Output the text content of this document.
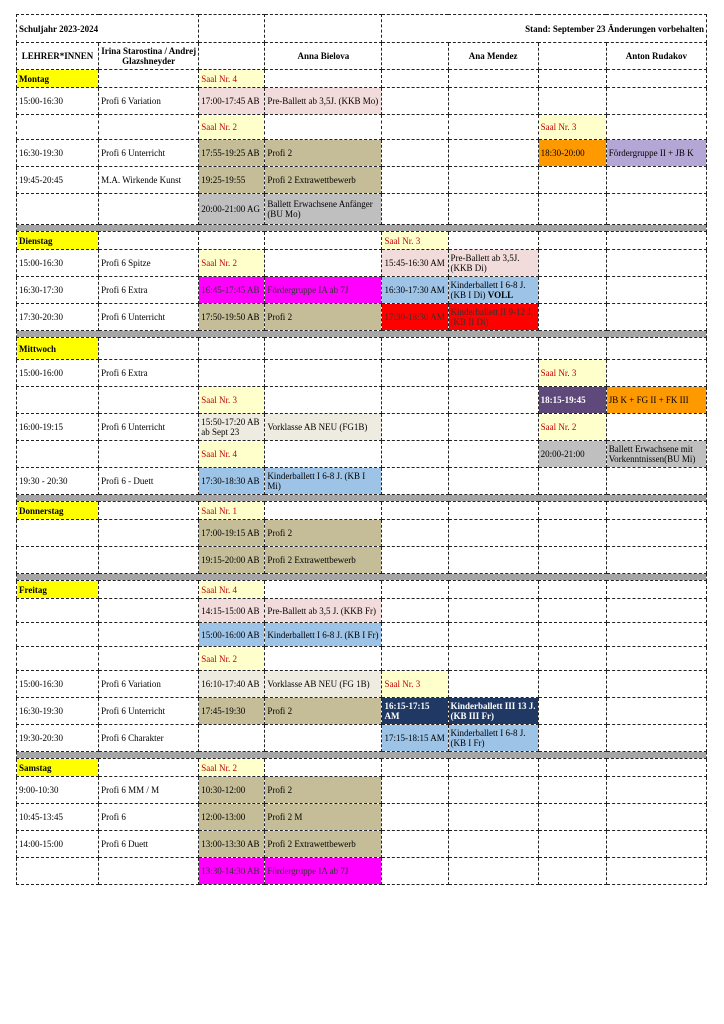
Schuljahr 2023-2024				Stand: September 23 Änderungen vorbehalten			
LEHRER*INNEN	Irina Starostina / Andrej Glazshneyder		Anna Bielova		Ana Mendez		Anton Rudakov
Montag		Saal Nr. 4					
15:00-16:30	Profi 6 Variation	17:00-17:45 AB	Pre-Ballett ab 3,5J. (KKB Mo)				
		Saal Nr. 2				Saal Nr. 3	
16:30-19:30	Profi 6 Unterricht	17:55-19:25 AB	Profi 2			18:30-20:00	Fördergruppe II + JB K
19:45-20:45	M.A. Wirkende Kunst	19:25-19:55	Profi 2 Extrawettbewerb				
		20:00-21:00 AG	Ballett Erwachsene Anfänger (BU Mo)				

Dienstag				Saal Nr. 3			
15:00-16:30	Profi 6 Spitze	Saal Nr. 2		15:45-16:30 AM	Pre-Ballett ab 3,5J. (KKB Di)		
16:30-17:30	Profi 6 Extra	16:45-17:45 AB	Fördergruppe IA ab 7J	16:30-17:30 AM	Kinderballett I 6-8 J. (KB I Di) VOLL		
17:30-20:30	Profi 6 Unterricht	17:50-19:50 AB	Profi 2	17:30-18:30 AM	Kinderballett II 9-12 J. (KB II Di)		

Mittwoch							
15:00-16:00	Profi 6 Extra					Saal Nr. 3	
		Saal Nr. 3				18:15-19:45	JB K + FG II + FK III
16:00-19:15	Profi 6 Unterricht	15:50-17:20 AB ab Sept 23	Vorklasse AB NEU (FG1B)			Saal Nr. 2	
		Saal Nr. 4				20:00-21:00	Ballett Erwachsene mit Vorkenntnissen(BU Mi)
19:30 - 20:30	Profi 6 - Duett	17:30-18:30 AB	Kinderballett I 6-8 J. (KB I Mi)				

Donnerstag		Saal Nr. 1					
		17:00-19:15 AB	Profi 2				
		19:15-20:00 AB	Profi 2 Extrawettbewerb				

Freitag		Saal Nr. 4					
		14:15-15:00 AB	Pre-Ballett ab 3,5 J. (KKB Fr)				
		15:00-16:00 AB	Kinderballett I 6-8 J. (KB I Fr)				
		Saal Nr. 2					
15:00-16:30	Profi 6 Variation	16:10-17:40 AB	Vorklasse AB NEU (FG 1B)	Saal Nr. 3			
16:30-19:30	Profi 6 Unterricht	17:45-19:30	Profi 2	16:15-17:15 AM	Kinderballett III 13 J. (KB III Fr)		
19:30-20:30	Profi 6 Charakter			17:15-18:15 AM	Kinderballett I 6-8 J. (KB I Fr)		

Samstag		Saal Nr. 2					
9:00-10:30	Profi 6 MM / M	10:30-12:00	Profi 2				
10:45-13:45	Profi 6	12:00-13:00	Profi 2 M				
14:00-15:00	Profi 6 Duett	13:00-13:30 AB	Profi 2 Extrawettbewerb				
		13:30-14:30 AB	Fördergruppe IA ab 7J				
